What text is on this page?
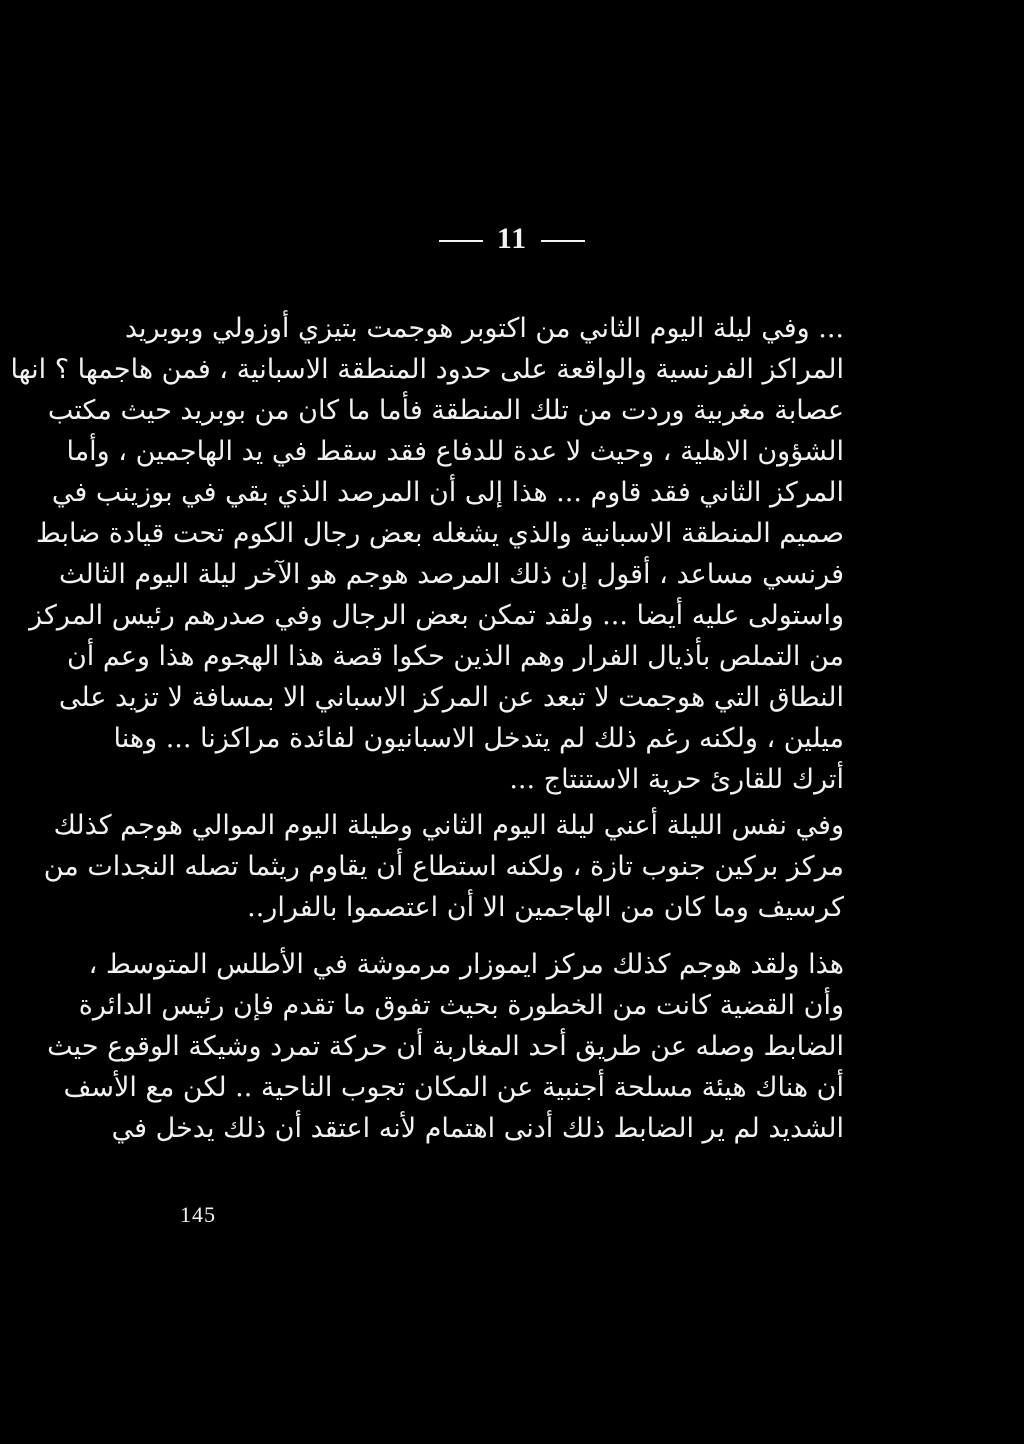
11
... وفي ليلة اليوم الثاني من اكتوبر هوجمت بتيزي أوزولي وبوبريد
المراكز الفرنسية والواقعة على حدود المنطقة الاسبانية ، فمن هاجمها ؟ انها
عصابة مغربية وردت من تلك المنطقة فأما ما كان من بوبريد حيث مكتب
الشؤون الاهلية ، وحيث لا عدة للدفاع فقد سقط في يد الهاجمين ، وأما
المركز الثاني فقد قاوم ... هذا إلى أن المرصد الذي بقي في بوزينب في
صميم المنطقة الاسبانية والذي يشغله بعض رجال الكوم تحت قيادة ضابط
فرنسي مساعد ، أقول إن ذلك المرصد هوجم هو الآخر ليلة اليوم الثالث
واستولى عليه أيضا ... ولقد تمكن بعض الرجال وفي صدرهم رئيس المركز
من التملص بأذيال الفرار وهم الذين حكوا قصة هذا الهجوم هذا وعم أن
النطاق التي هوجمت لا تبعد عن المركز الاسباني الا بمسافة لا تزيد على
ميلين ، ولكنه رغم ذلك لم يتدخل الاسبانيون لفائدة مراكزنا ... وهنا
أترك للقارئ حرية الاستنتاج ...
وفي نفس الليلة أعني ليلة اليوم الثاني وطيلة اليوم الموالي هوجم كذلك
مركز بركين جنوب تازة ، ولكنه استطاع أن يقاوم ريثما تصله النجدات من
كرسيف وما كان من الهاجمين الا أن اعتصموا بالفرار..
هذا ولقد هوجم كذلك مركز ايموزار مرموشة في الأطلس المتوسط ،
وأن القضية كانت من الخطورة بحيث تفوق ما تقدم فإن رئيس الدائرة
الضابط وصله عن طريق أحد المغاربة أن حركة تمرد وشيكة الوقوع حيث
أن هناك هيئة مسلحة أجنبية عن المكان تجوب الناحية .. لكن مع الأسف
الشديد لم ير الضابط ذلك أدنى اهتمام لأنه اعتقد أن ذلك يدخل في
145
